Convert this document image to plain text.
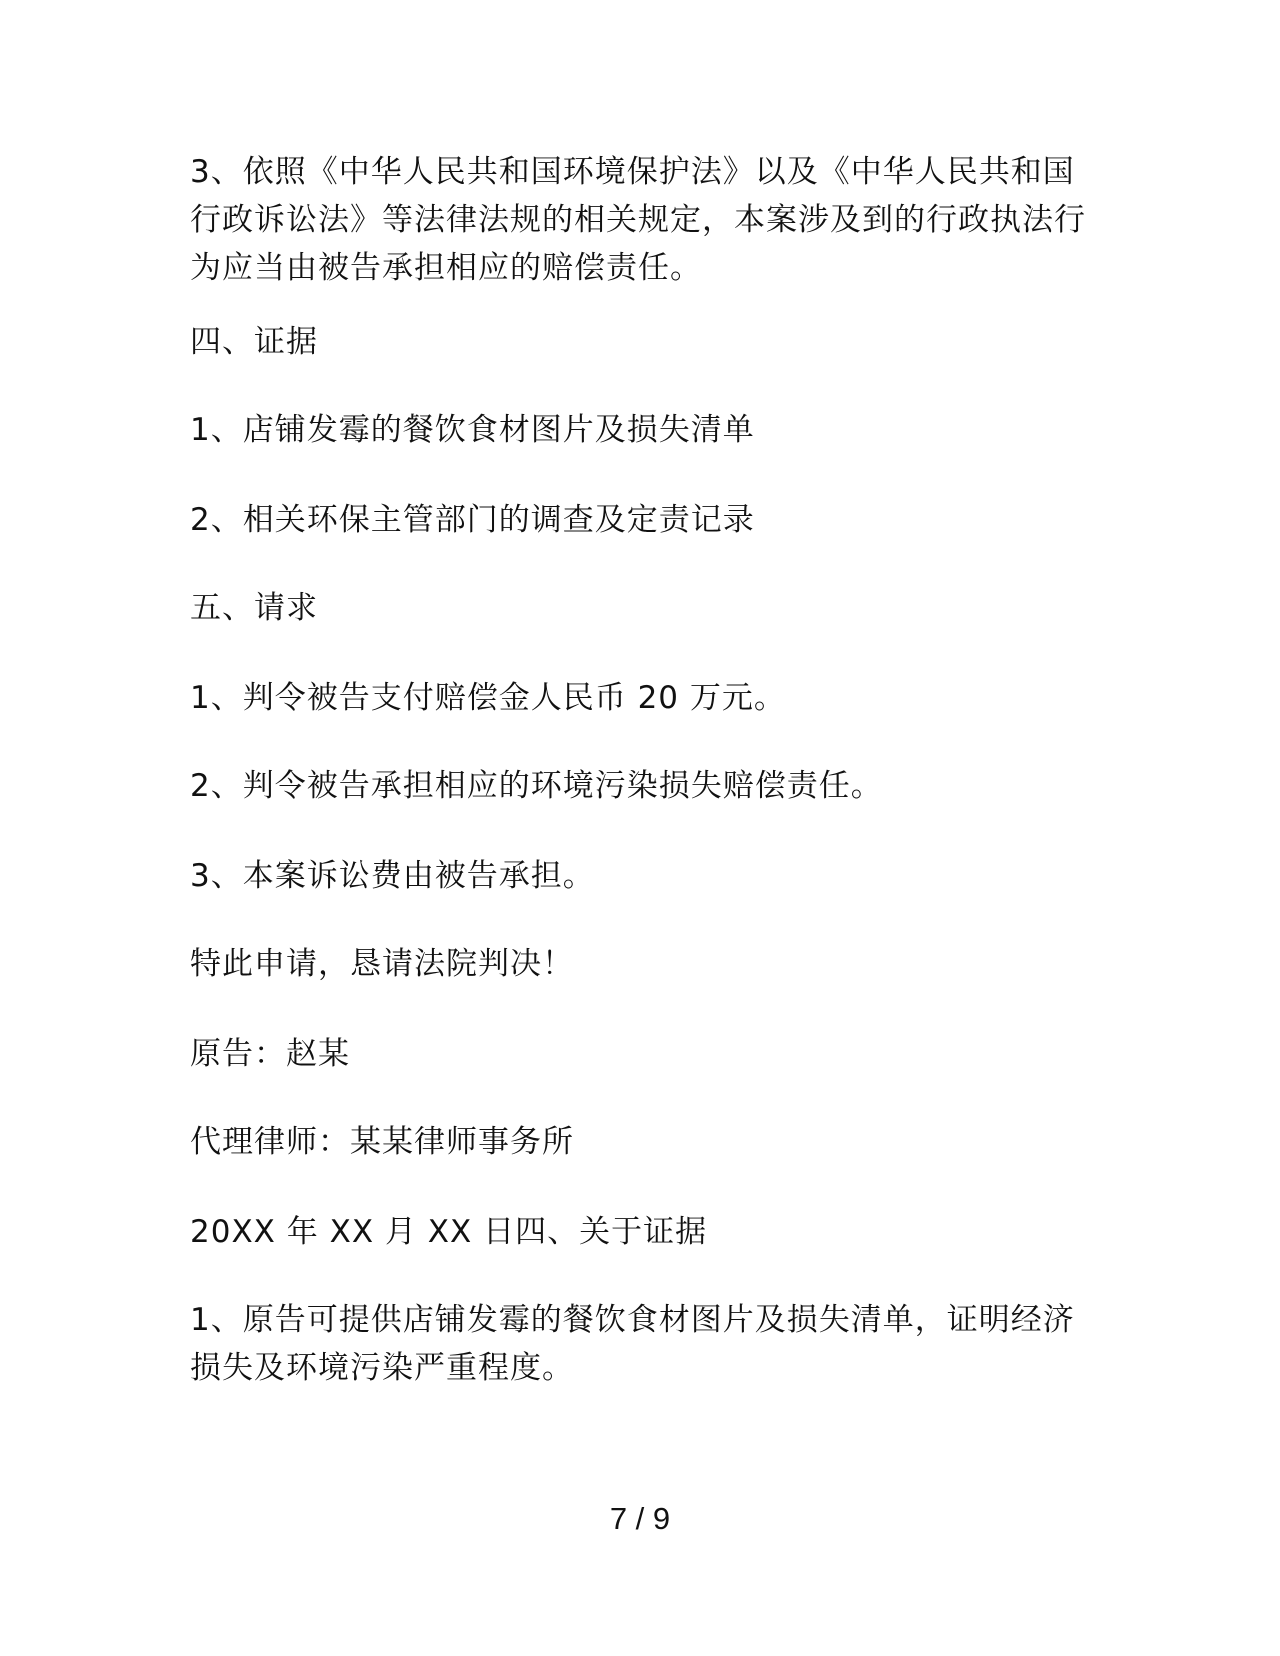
3、依照《中华人民共和国环境保护法》以及《中华人民共和国行政诉讼法》等法律法规的相关规定，本案涉及到的行政执法行为应当由被告承担相应的赔偿责任。

四、证据

1、店铺发霉的餐饮食材图片及损失清单

2、相关环保主管部门的调查及定责记录

五、请求

1、判令被告支付赔偿金人民币 20 万元。

2、判令被告承担相应的环境污染损失赔偿责任。

3、本案诉讼费由被告承担。

特此申请，恳请法院判决！

原告：赵某

代理律师：某某律师事务所

20XX 年 XX 月 XX 日四、关于证据

1、原告可提供店铺发霉的餐饮食材图片及损失清单，证明经济损失及环境污染严重程度。

7 / 9
